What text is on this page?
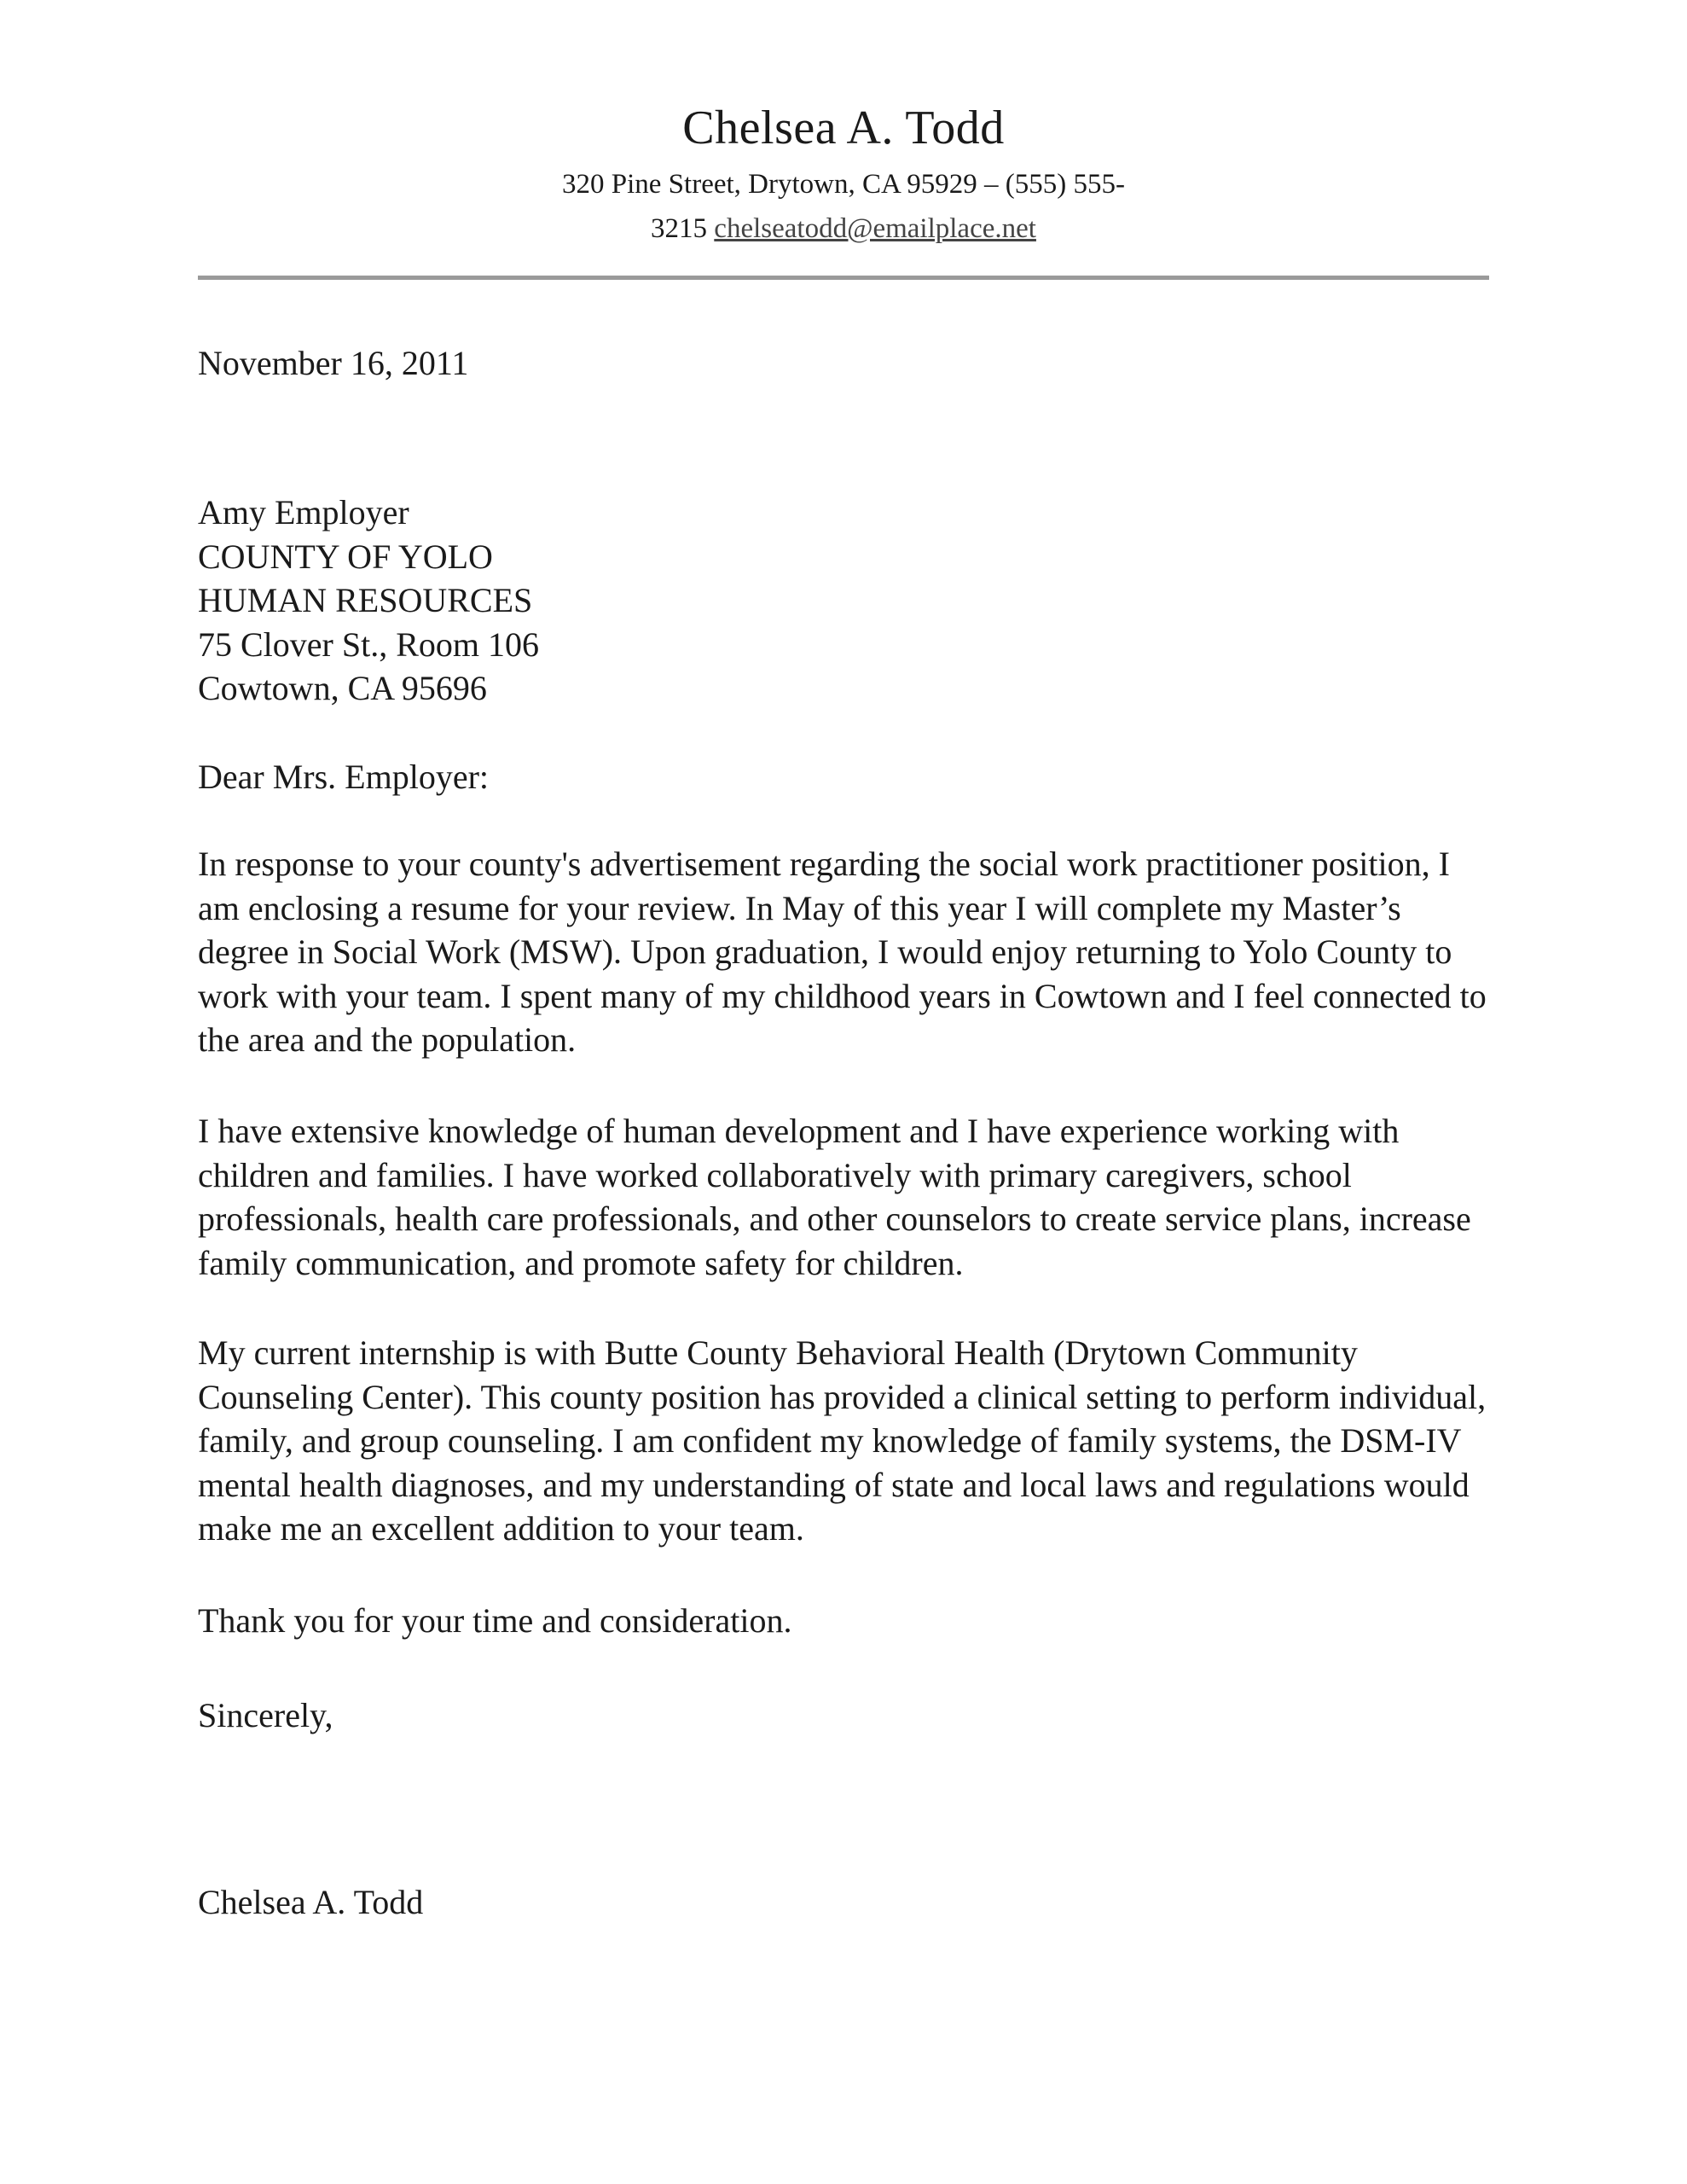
Chelsea A. Todd
320 Pine Street, Drytown, CA 95929 – (555) 555-
3215 chelseatodd@emailplace.net
November 16, 2011
Amy Employer
COUNTY OF YOLO
HUMAN RESOURCES
75 Clover St., Room 106
Cowtown, CA 95696
Dear Mrs. Employer:
In response to your county's advertisement regarding the social work practitioner position, I am enclosing a resume for your review. In May of this year I will complete my Master’s degree in Social Work (MSW). Upon graduation, I would enjoy returning to Yolo County to work with your team. I spent many of my childhood years in Cowtown and I feel connected to the area and the population.
I have extensive knowledge of human development and I have experience working with children and families. I have worked collaboratively with primary caregivers, school professionals, health care professionals, and other counselors to create service plans, increase family communication, and promote safety for children.
My current internship is with Butte County Behavioral Health (Drytown Community Counseling Center). This county position has provided a clinical setting to perform individual, family, and group counseling. I am confident my knowledge of family systems, the DSM-IV mental health diagnoses, and my understanding of state and local laws and regulations would make me an excellent addition to your team.
Thank you for your time and consideration.
Sincerely,
Chelsea A. Todd
